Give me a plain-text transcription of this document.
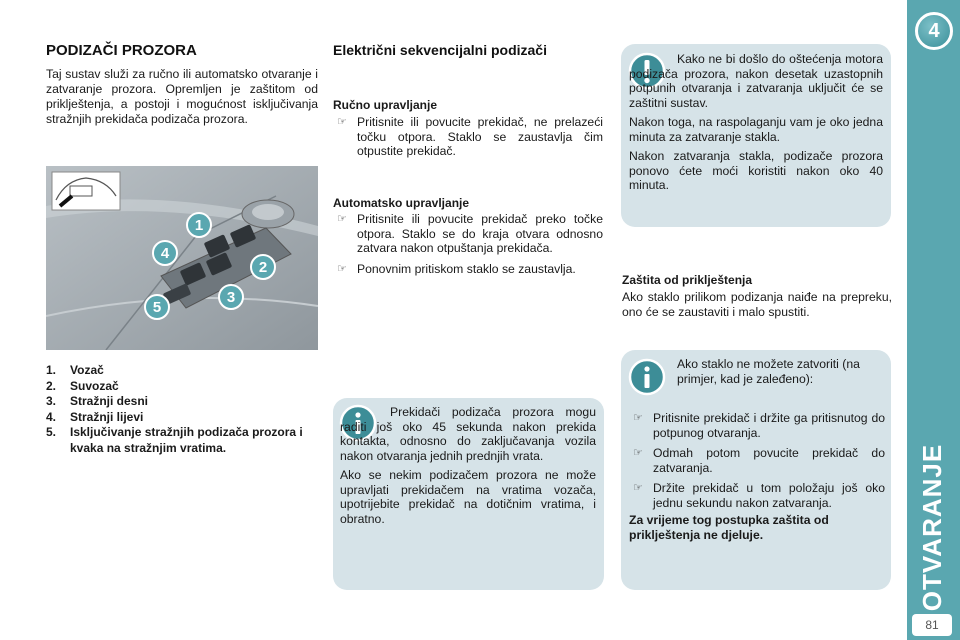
4
OTVARANJE
81
PODIZAČI PROZORA

Taj sustav služi za ručno ili automatsko otvaranje i zatvaranje prozora. Opremljen je zaštitom od priklještenja, a postoji i mogućnost isključivanja stražnjih prekidača podizača prozora.

1
4
2
3
5
1. Vozač
2. Suvozač
3. Stražnji desni
4. Stražnji lijevi
5. Isključivanje stražnjih podizača prozora i kvaka na stražnjim vratima.
Električni sekvencijalni podizači
Ručno upravljanje
☞ Pritisnite ili povucite prekidač, ne prelazeći točku otpora. Staklo se zaustavlja čim otpustite prekidač.
Automatsko upravljanje
☞ Pritisnite ili povucite prekidač preko točke otpora. Staklo se do kraja otvara odnosno zatvara nakon otpuštanja prekidača.
☞ Ponovnim pritiskom staklo se zaustavlja.

Prekidači podizača prozora mogu raditi još oko 45 sekunda nakon prekida kontakta, odnosno do zaključavanja vozila nakon otvaranja jednih prednjih vrata.

Ako se nekim podizačem prozora ne može upravljati prekidačem na vratima vozača, upotrijebite prekidač na dotičnim vratima, i obratno.

Kako ne bi došlo do oštećenja motora podizača prozora, nakon desetak uzastopnih potpunih otvaranja i zatvaranja uključit će se zaštitni sustav.

Nakon toga, na raspolaganju vam je oko jedna minuta za zatvaranje stakla.

Nakon zatvaranja stakla, podizače prozora ponovo ćete moći koristiti nakon oko 40 minuta.

Zaštita od priklještenja

Ako staklo prilikom podizanja naiđe na prepreku, ono će se zaustaviti i malo spustiti.

Ako staklo ne možete zatvoriti (na primjer, kad je zaleđeno):

☞ Pritisnite prekidač i držite ga pritisnutog do potpunog otvaranja.
☞ Odmah potom povucite prekidač do zatvaranja.
☞ Držite prekidač u tom položaju još oko jednu sekundu nakon zatvaranja.

Za vrijeme tog postupka zaštita od priklještenja ne djeluje.
